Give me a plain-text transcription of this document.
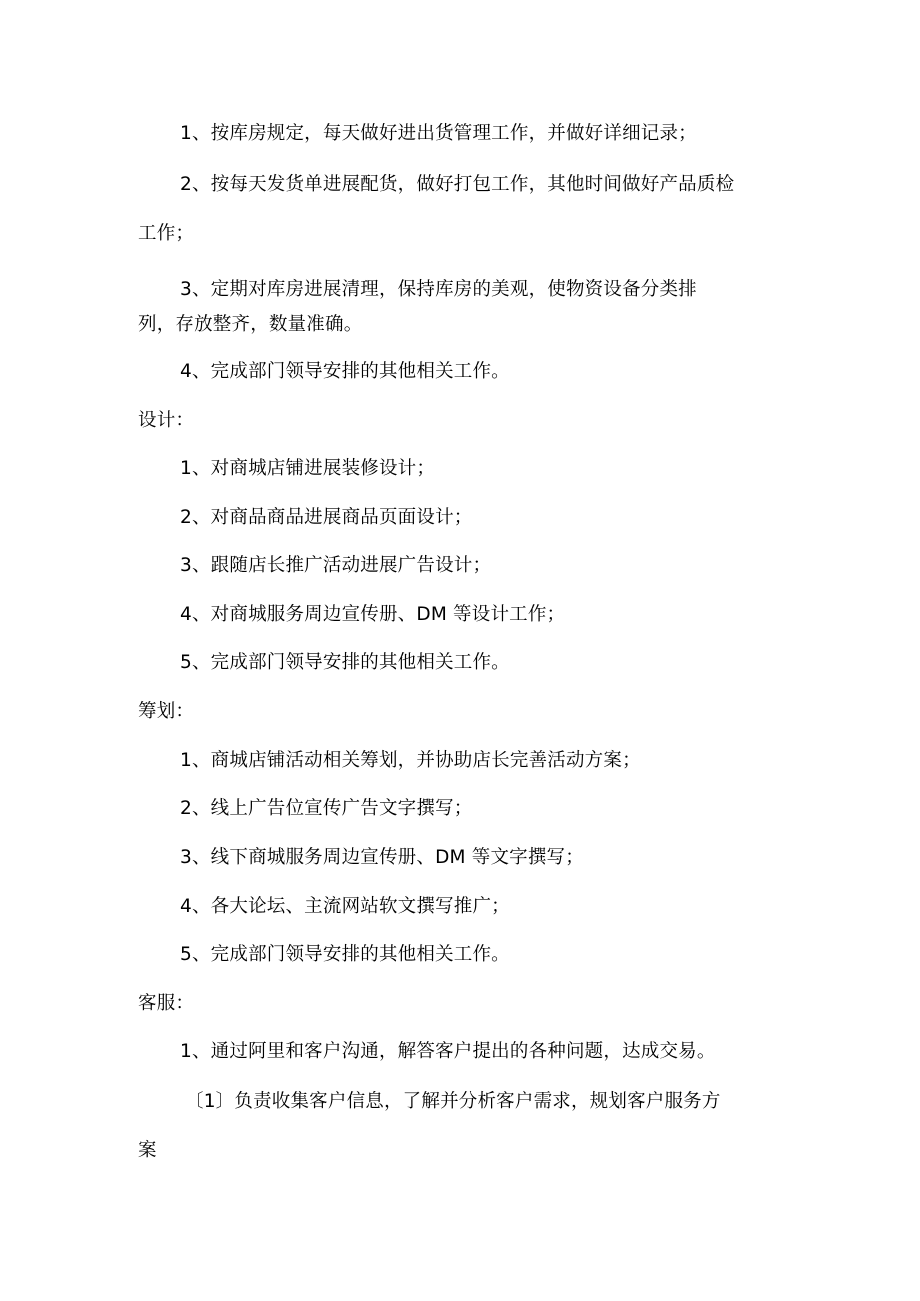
1、按库房规定，每天做好进出货管理工作，并做好详细记录；
2、按每天发货单进展配货，做好打包工作，其他时间做好产品质检
工作；
3、定期对库房进展清理，保持库房的美观，使物资设备分类排
列，存放整齐，数量准确。
4、完成部门领导安排的其他相关工作。
设计：
1、对商城店铺进展装修设计；
2、对商品商品进展商品页面设计；
3、跟随店长推广活动进展广告设计；
4、对商城服务周边宣传册、DM 等设计工作；
5、完成部门领导安排的其他相关工作。
筹划：
1、商城店铺活动相关筹划，并协助店长完善活动方案；
2、线上广告位宣传广告文字撰写；
3、线下商城服务周边宣传册、DM 等文字撰写；
4、各大论坛、主流网站软文撰写推广；
5、完成部门领导安排的其他相关工作。
客服：
1、通过阿里和客户沟通，解答客户提出的各种问题，达成交易。
〔1〕负责收集客户信息，了解并分析客户需求，规划客户服务方
案
